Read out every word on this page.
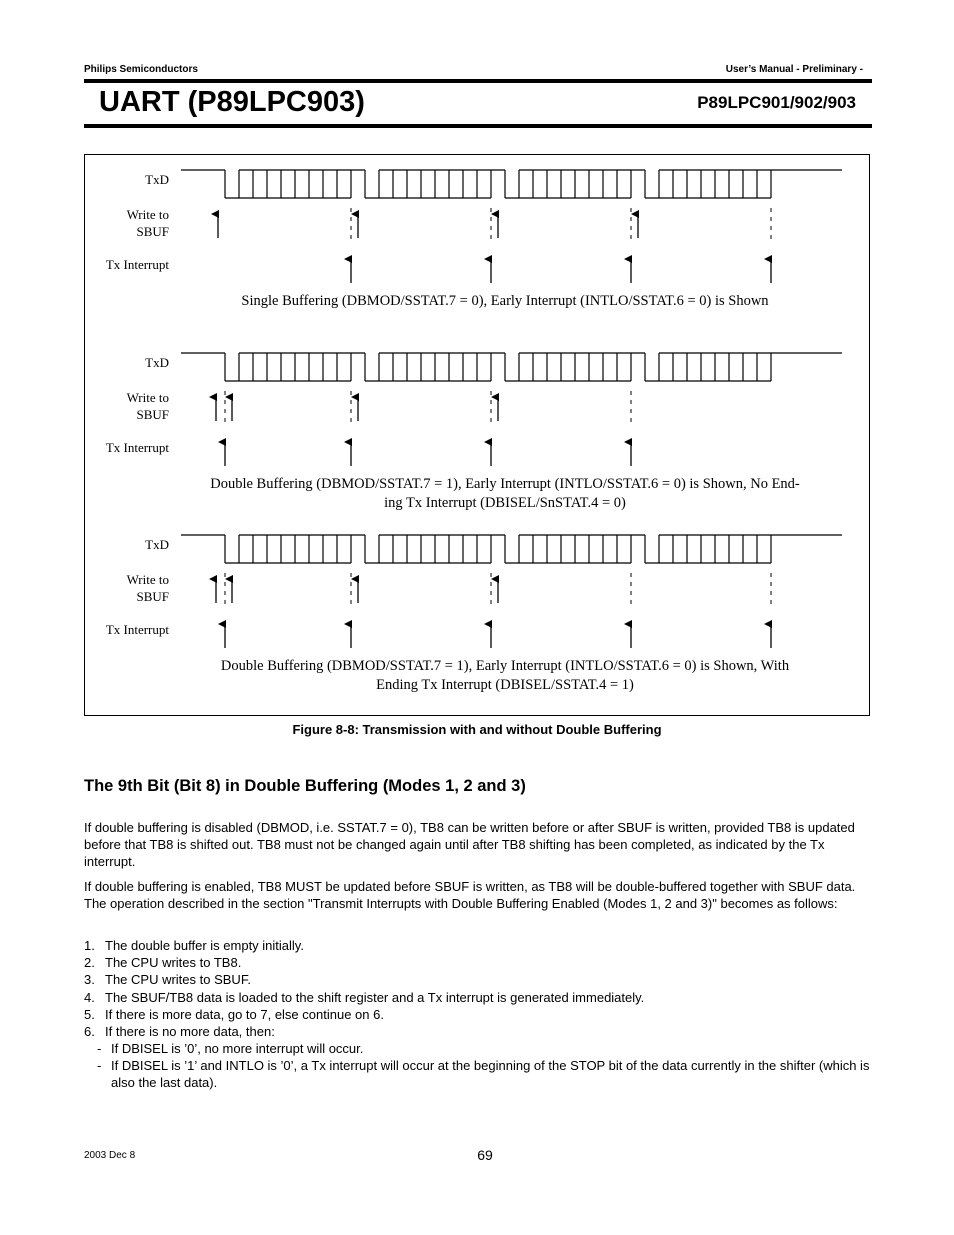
Philips Semiconductors	User’s Manual - Preliminary -
UART (P89LPC903)	P89LPC901/902/903
TxD
Write to
SBUF
Tx Interrupt
Single Buffering (DBMOD/SSTAT.7 = 0), Early Interrupt (INTLO/SSTAT.6 = 0) is Shown
TxD
Write to
SBUF
Tx Interrupt
Double Buffering (DBMOD/SSTAT.7 = 1), Early Interrupt (INTLO/SSTAT.6 = 0) is Shown, No End-
ing Tx Interrupt (DBISEL/SnSTAT.4 = 0)
TxD
Write to
SBUF
Tx Interrupt
Double Buffering (DBMOD/SSTAT.7 = 1), Early Interrupt (INTLO/SSTAT.6 = 0) is Shown, With
Ending Tx Interrupt (DBISEL/SSTAT.4 = 1)
Figure 8-8: Transmission with and without Double Buffering
The 9th Bit (Bit 8) in Double Buffering (Modes 1, 2 and 3)
If double buffering is disabled (DBMOD, i.e. SSTAT.7 = 0), TB8 can be written before or after SBUF is written, provided TB8 is updated before that TB8 is shifted out. TB8 must not be changed again until after TB8 shifting has been completed, as indicated by the Tx interrupt.
If double buffering is enabled, TB8 MUST be updated before SBUF is written, as TB8 will be double-buffered together with SBUF data. The operation described in the section "Transmit Interrupts with Double Buffering Enabled (Modes 1, 2 and 3)" becomes as follows:
1. The double buffer is empty initially.
2. The CPU writes to TB8.
3. The CPU writes to SBUF.
4. The SBUF/TB8 data is loaded to the shift register and a Tx interrupt is generated immediately.
5. If there is more data, go to 7, else continue on 6.
6. If there is no more data, then:
- If DBISEL is ’0’, no more interrupt will occur.
- If DBISEL is ’1’ and INTLO is ’0’, a Tx interrupt will occur at the beginning of the STOP bit of the data currently in the shifter (which is also the last data).
2003 Dec 8	69
